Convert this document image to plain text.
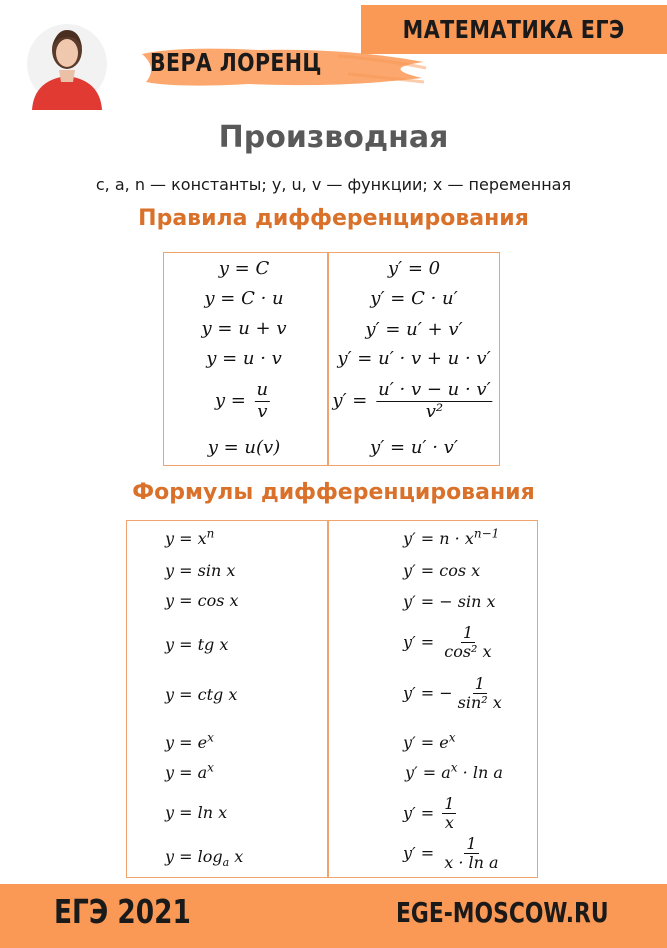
МАТЕМАТИКА ЕГЭ
ВЕРА ЛОРЕНЦ
Производная
c, a, n — константы; y, u, v — функции; x — переменная
Правила дифференцирования
y = C	y′ = 0
y = C · u	y′ = C · u′
y = u + v	y′ = u′ + v′
y = u · v	y′ = u′ · v + u · v′
$y = \frac{u}{v}$	$y' = \frac{u' \cdot v - u \cdot v'}{\text{v²}}$
y = u(v)	y′ = u′ · v′
Формулы дифференцирования
$y = x^n$	$y' = n \cdot x^{n-1}$
y = sin x	y′ = cos x
y = cos x	y′ = − sin x
y = tg x	$y' = \frac{1}{\text{cos² x}}$
y = ctg x	y′ = − $\frac{1}{\text{sin² x}}$
$y = e^x$	$y' = e^x$
$y = a^x$	$y' = a^x \cdot \ln a$
y = ln x	$y' = \frac{1}{x}$
$y = \log_a x$	$y' = \frac{1}{\text{x · ln a}}$
ЕГЭ 2021	EGE-MOSCOW.RU
